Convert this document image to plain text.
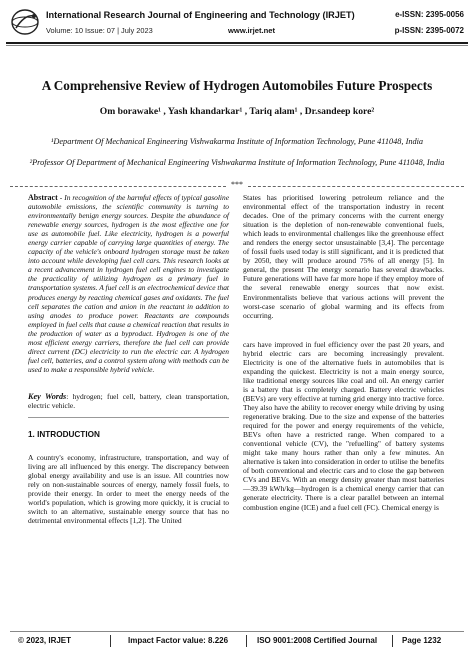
International Research Journal of Engineering and Technology (IRJET)
Volume: 10 Issue: 07 | July 2023	www.irjet.net
e-ISSN: 2395-0056
p-ISSN: 2395-0072
A Comprehensive Review of Hydrogen Automobiles Future Prospects
Om borawake¹ , Yash khandarkar¹ , Tariq alam¹ , Dr.sandeep kore²
¹Department Of Mechanical Engineering Vishwakarma Institute of Information Technology, Pune 411048, India
²Professor Of Department of Mechanical Engineering Vishwakarma Institute of Information Technology, Pune 411048, India
***

Abstract - In recognition of the harmful effects of typical gasoline automobile emissions, the scientific community is turning to environmentally benign energy sources. Despite the abundance of renewable energy sources, hydrogen is the most effective one for use as automobile fuel. Like electricity, hydrogen is a powerful energy carrier capable of carrying large quantities of energy. The capacity of the vehicle's onboard hydrogen storage must be taken into account while developing fuel cell cars. This research looks at a recent advancement in hydrogen fuel cell engines to investigate the practicality of utilizing hydrogen as a primary fuel in transportation systems. A fuel cell is an electrochemical device that produces energy by reacting chemical gases and oxidants. The fuel cell separates the cation and anion in the reactant in addition to using anodes to produce power. Reactants are compounds employed in fuel cells that cause a chemical reaction that results in the production of water as a byproduct. Hydrogen is one of the most efficient energy carriers, therefore the fuel cell can provide direct current (DC) electricity to run the electric car. A hydrogen fuel cell, batteries, and a control system along with methods can be used to make a responsible hybrid vehicle.

Key Words: hydrogen; fuel cell, battery, clean transportation, electric vehicle.

1. INTRODUCTION

A country's economy, infrastructure, transportation, and way of living are all influenced by this energy. The discrepancy between global energy availability and use is an issue. All countries now rely on non-sustainable sources of energy, namely fossil fuels, to provide their energy. In order to meet the energy needs of the world's population, which is growing more quickly, it is crucial to switch to an alternative, sustainable energy source that has no detrimental environmental effects [1,2]. The United

States has prioritised lowering petroleum reliance and the environmental effect of the transportation industry in recent decades. One of the primary concerns with the current energy situation is the depletion of non-renewable conventional fuels, which leads to environmental challenges like the greenhouse effect and renders the energy sector unsustainable [3,4]. The percentage of fossil fuels used today is still significant, and it is predicted that by 2050, they will produce around 75% of all energy [5]. In general, the present The energy scenario has several drawbacks. Future generations will have far more hope if they employ more of the several renewable energy sources that now exist. Environmentalists believe that various actions will prevent the worst-case scenario of global warming and its effects from occurring.

cars have improved in fuel efficiency over the past 20 years, and hybrid electric cars are becoming increasingly prevalent. Electricity is one of the alternative fuels in automobiles that is expanding the quickest. Electricity is not a main energy source, like traditional energy sources like coal and oil. An energy carrier is a battery that is completely charged. Battery electric vehicles (BEVs) are very effective at turning grid energy into tractive force. They also have the ability to recover energy while driving by using regenerative braking. Due to the size and expense of the batteries required for the power and energy requirements of the vehicle, BEVs often have a restricted range. When compared to a conventional vehicle (CV), the "refuelling" of battery systems might take many hours rather than only a few minutes. An alternative is taken into consideration in order to utilise the benefits of both conventional and electric cars and to close the gap between CVs and BEVs. With an energy density greater than most batteries—39.39 kWh/kg—hydrogen is a chemical energy carrier that can generate electricity. There is a clear parallel between an internal combustion engine (ICE) and a fuel cell (FC). Chemical energy is

© 2023, IRJET	Impact Factor value: 8.226	ISO 9001:2008 Certified Journal	Page 1232
